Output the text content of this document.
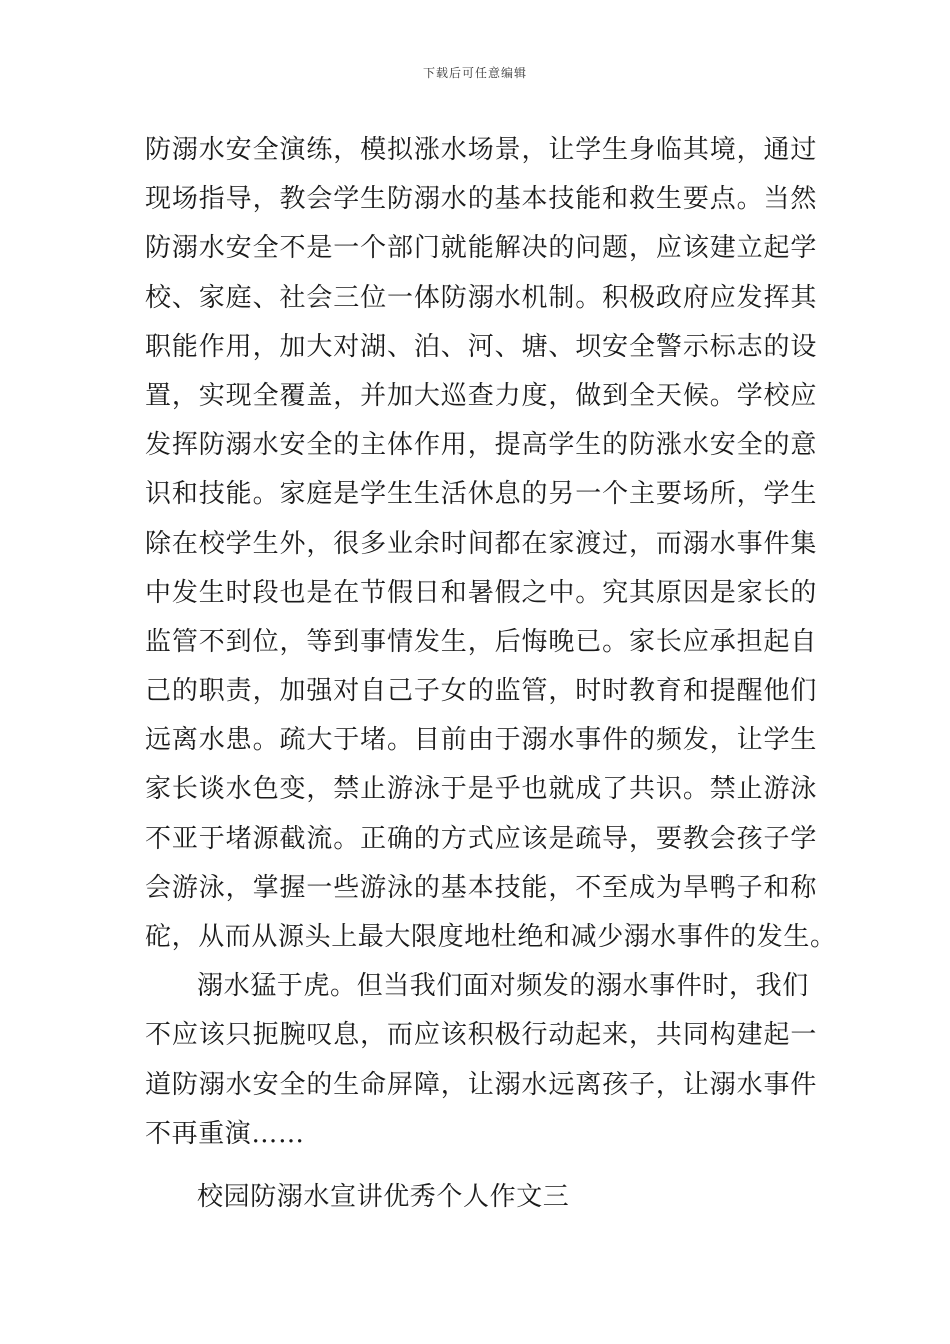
下载后可任意编辑
防溺水安全演练，模拟涨水场景，让学生身临其境，通过
现场指导，教会学生防溺水的基本技能和救生要点。当然
防溺水安全不是一个部门就能解决的问题，应该建立起学
校、家庭、社会三位一体防溺水机制。积极政府应发挥其
职能作用，加大对湖、泊、河、塘、坝安全警示标志的设
置，实现全覆盖，并加大巡查力度，做到全天候。学校应
发挥防溺水安全的主体作用，提高学生的防涨水安全的意
识和技能。家庭是学生生活休息的另一个主要场所，学生
除在校学生外，很多业余时间都在家渡过，而溺水事件集
中发生时段也是在节假日和暑假之中。究其原因是家长的
监管不到位，等到事情发生，后悔晚已。家长应承担起自
己的职责，加强对自己子女的监管，时时教育和提醒他们
远离水患。疏大于堵。目前由于溺水事件的频发，让学生
家长谈水色变，禁止游泳于是乎也就成了共识。禁止游泳
不亚于堵源截流。正确的方式应该是疏导，要教会孩子学
会游泳，掌握一些游泳的基本技能，不至成为旱鸭子和称
砣，从而从源头上最大限度地杜绝和减少溺水事件的发生。
溺水猛于虎。但当我们面对频发的溺水事件时，我们
不应该只扼腕叹息，而应该积极行动起来，共同构建起一
道防溺水安全的生命屏障，让溺水远离孩子，让溺水事件
不再重演……
校园防溺水宣讲优秀个人作文三
